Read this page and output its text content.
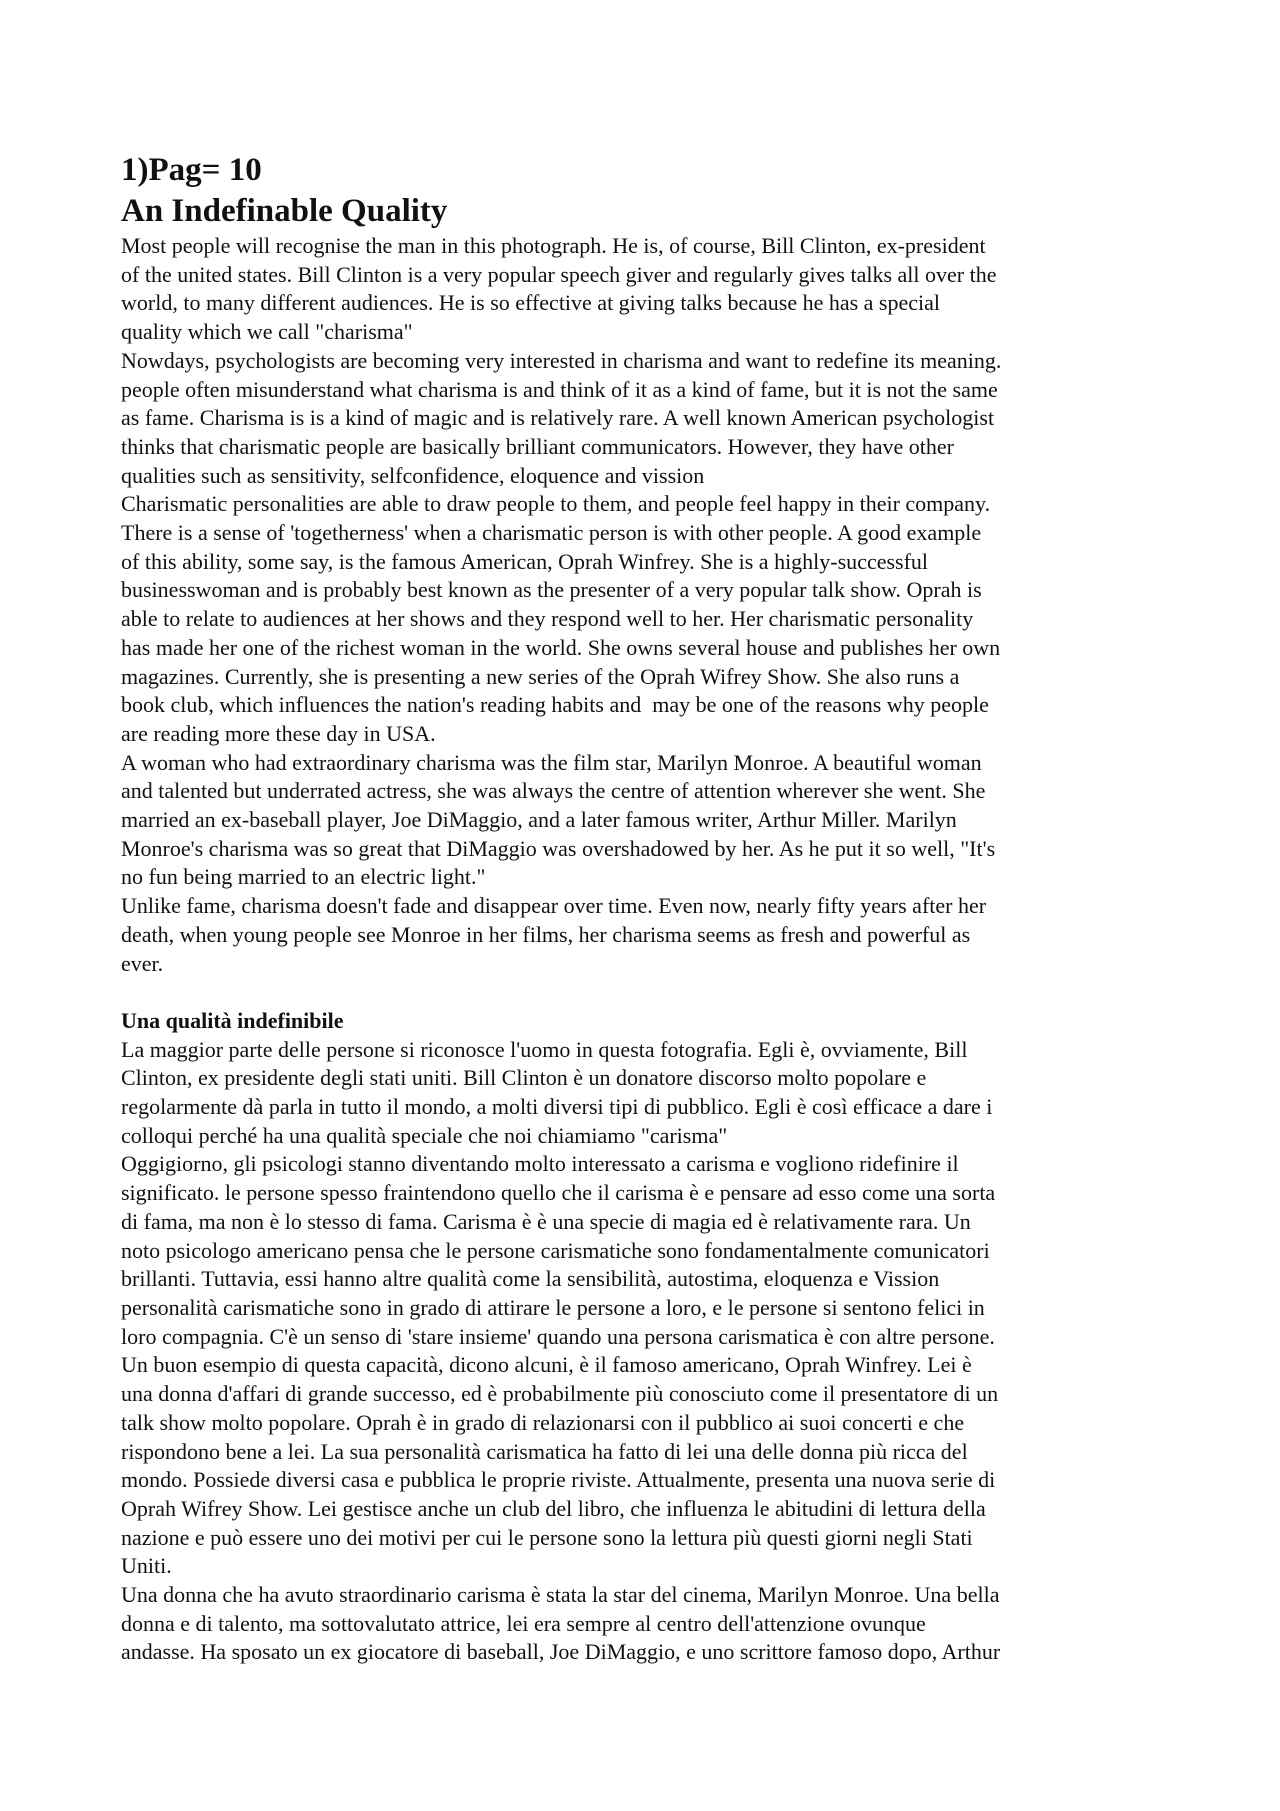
1)Pag= 10
An Indefinable Quality

Most people will recognise the man in this photograph. He is, of course, Bill Clinton, ex-president
of the united states. Bill Clinton is a very popular speech giver and regularly gives talks all over the
world, to many different audiences. He is so effective at giving talks because he has a special
quality which we call "charisma"

Nowdays, psychologists are becoming very interested in charisma and want to redefine its meaning.
people often misunderstand what charisma is and think of it as a kind of fame, but it is not the same
as fame. Charisma is is a kind of magic and is relatively rare. A well known American psychologist
thinks that charismatic people are basically brilliant communicators. However, they have other
qualities such as sensitivity, selfconfidence, eloquence and vission

Charismatic personalities are able to draw people to them, and people feel happy in their company.
There is a sense of 'togetherness' when a charismatic person is with other people. A good example
of this ability, some say, is the famous American, Oprah Winfrey. She is a highly-successful
businesswoman and is probably best known as the presenter of a very popular talk show. Oprah is
able to relate to audiences at her shows and they respond well to her. Her charismatic personality
has made her one of the richest woman in the world. She owns several house and publishes her own
magazines. Currently, she is presenting a new series of the Oprah Wifrey Show. She also runs a
book club, which influences the nation's reading habits and  may be one of the reasons why people
are reading more these day in USA.

A woman who had extraordinary charisma was the film star, Marilyn Monroe. A beautiful woman
and talented but underrated actress, she was always the centre of attention wherever she went. She
married an ex-baseball player, Joe DiMaggio, and a later famous writer, Arthur Miller. Marilyn
Monroe's charisma was so great that DiMaggio was overshadowed by her. As he put it so well, "It's
no fun being married to an electric light."

Unlike fame, charisma doesn't fade and disappear over time. Even now, nearly fifty years after her
death, when young people see Monroe in her films, her charisma seems as fresh and powerful as
ever.

Una qualità indefinibile

La maggior parte delle persone si riconosce l'uomo in questa fotografia. Egli è, ovviamente, Bill
Clinton, ex presidente degli stati uniti. Bill Clinton è un donatore discorso molto popolare e
regolarmente dà parla in tutto il mondo, a molti diversi tipi di pubblico. Egli è così efficace a dare i
colloqui perché ha una qualità speciale che noi chiamiamo "carisma"

Oggigiorno, gli psicologi stanno diventando molto interessato a carisma e vogliono ridefinire il
significato. le persone spesso fraintendono quello che il carisma è e pensare ad esso come una sorta
di fama, ma non è lo stesso di fama. Carisma è è una specie di magia ed è relativamente rara. Un
noto psicologo americano pensa che le persone carismatiche sono fondamentalmente comunicatori
brillanti. Tuttavia, essi hanno altre qualità come la sensibilità, autostima, eloquenza e Vission
personalità carismatiche sono in grado di attirare le persone a loro, e le persone si sentono felici in
loro compagnia. C'è un senso di 'stare insieme' quando una persona carismatica è con altre persone.
Un buon esempio di questa capacità, dicono alcuni, è il famoso americano, Oprah Winfrey. Lei è
una donna d'affari di grande successo, ed è probabilmente più conosciuto come il presentatore di un
talk show molto popolare. Oprah è in grado di relazionarsi con il pubblico ai suoi concerti e che
rispondono bene a lei. La sua personalità carismatica ha fatto di lei una delle donna più ricca del
mondo. Possiede diversi casa e pubblica le proprie riviste. Attualmente, presenta una nuova serie di
Oprah Wifrey Show. Lei gestisce anche un club del libro, che influenza le abitudini di lettura della
nazione e può essere uno dei motivi per cui le persone sono la lettura più questi giorni negli Stati
Uniti.

Una donna che ha avuto straordinario carisma è stata la star del cinema, Marilyn Monroe. Una bella
donna e di talento, ma sottovalutato attrice, lei era sempre al centro dell'attenzione ovunque
andasse. Ha sposato un ex giocatore di baseball, Joe DiMaggio, e uno scrittore famoso dopo, Arthur
